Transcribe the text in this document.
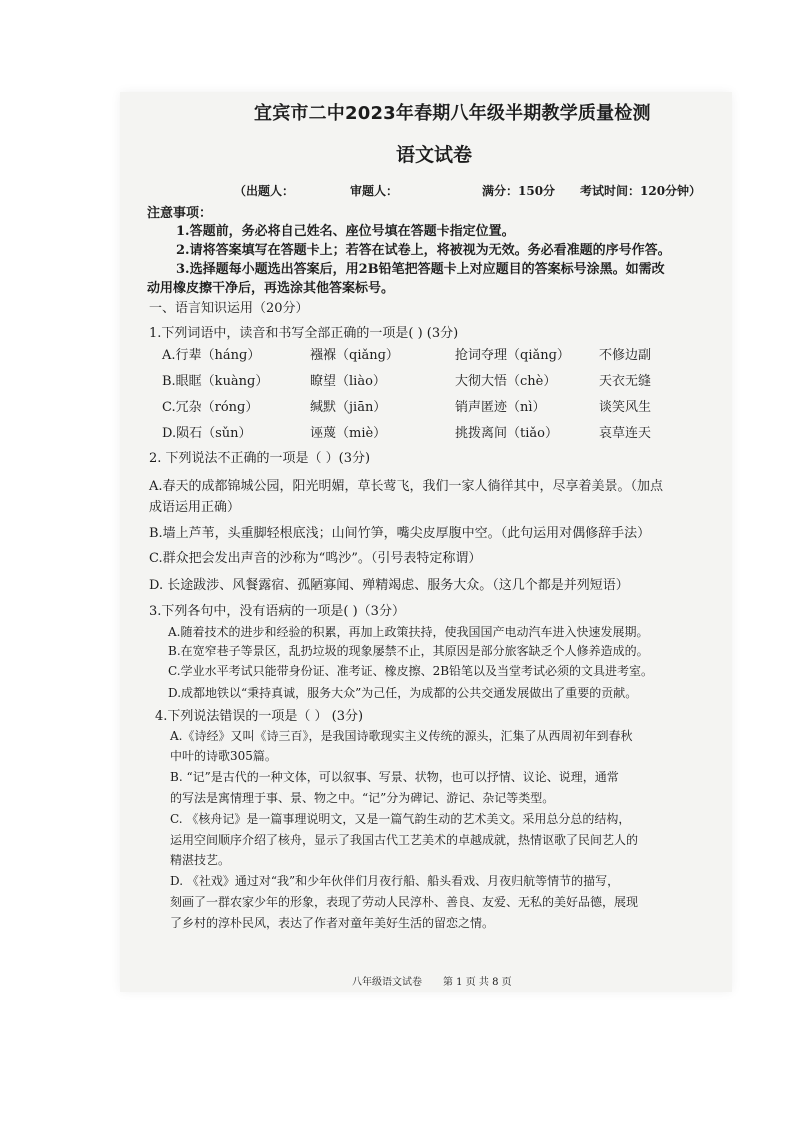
宜宾市二中2023年春期八年级半期教学质量检测
语文试卷
（出题人：	审题人：	满分：150分 考试时间：120分钟）
注意事项：
1.答题前，务必将自己姓名、座位号填在答题卡指定位置。
2.请将答案填写在答题卡上；若答在试卷上，将被视为无效。务必看准题的序号作答。
3.选择题每小题选出答案后，用2B铅笔把答题卡上对应题目的答案标号涂黑。如需改
动用橡皮擦干净后，再选涂其他答案标号。
一、语言知识运用（20分）
1.下列词语中，读音和书写全部正确的一项是( ) (3分)
A.行辈（hánɡ）	襁褓（qiǎnɡ）	抢词夺理（qiǎnɡ） 不修边副
B.眼眶（kuànɡ）	瞭望（liào）	大彻大悟（chè）	天衣无缝
C.冗杂（rónɡ）	缄默（jiān）	销声匿迹（nì）	谈笑风生
D.陨石（sǔn）	诬蔑（miè）	挑拨离间（tiǎo）	哀草连天
2. 下列说法不正确的一项是（ ）(3分)
A.春天的成都锦城公园，阳光明媚，草长莺飞，我们一家人徜徉其中，尽享着美景。（加点
成语运用正确）
B.墙上芦苇，头重脚轻根底浅；山间竹笋，嘴尖皮厚腹中空。（此句运用对偶修辞手法）
C.群众把会发出声音的沙称为“鸣沙”。（引号表特定称谓）
D. 长途跋涉、风餐露宿、孤陋寡闻、殚精竭虑、服务大众。（这几个都是并列短语）
3.下列各句中，没有语病的一项是( )（3分）
A.随着技术的进步和经验的积累，再加上政策扶持，使我国国产电动汽车进入快速发展期。
B.在宽窄巷子等景区，乱扔垃圾的现象屡禁不止，其原因是部分旅客缺乏个人修养造成的。
C.学业水平考试只能带身份证、准考证、橡皮擦、2B铅笔以及当堂考试必须的文具进考室。
D.成都地铁以“秉持真诚，服务大众”为己任，为成都的公共交通发展做出了重要的贡献。
4.下列说法错误的一项是（ ） (3分)
A.《诗经》又叫《诗三百》，是我国诗歌现实主义传统的源头，汇集了从西周初年到春秋
中叶的诗歌305篇。
B. “记”是古代的一种文体，可以叙事、写景、状物，也可以抒情、议论、说理，通常
的写法是寓情理于事、景、物之中。“记”分为碑记、游记、杂记等类型。
C. 《核舟记》是一篇事理说明文，又是一篇气韵生动的艺术美文。采用总分总的结构，
运用空间顺序介绍了核舟，显示了我国古代工艺美术的卓越成就，热情讴歌了民间艺人的
精湛技艺。
D. 《社戏》通过对“我”和少年伙伴们月夜行船、船头看戏、月夜归航等情节的描写，
刻画了一群农家少年的形象，表现了劳动人民淳朴、善良、友爱、无私的美好品德，展现
了乡村的淳朴民风，表达了作者对童年美好生活的留恋之情。
八年级语文试卷 第 1 页 共 8 页
